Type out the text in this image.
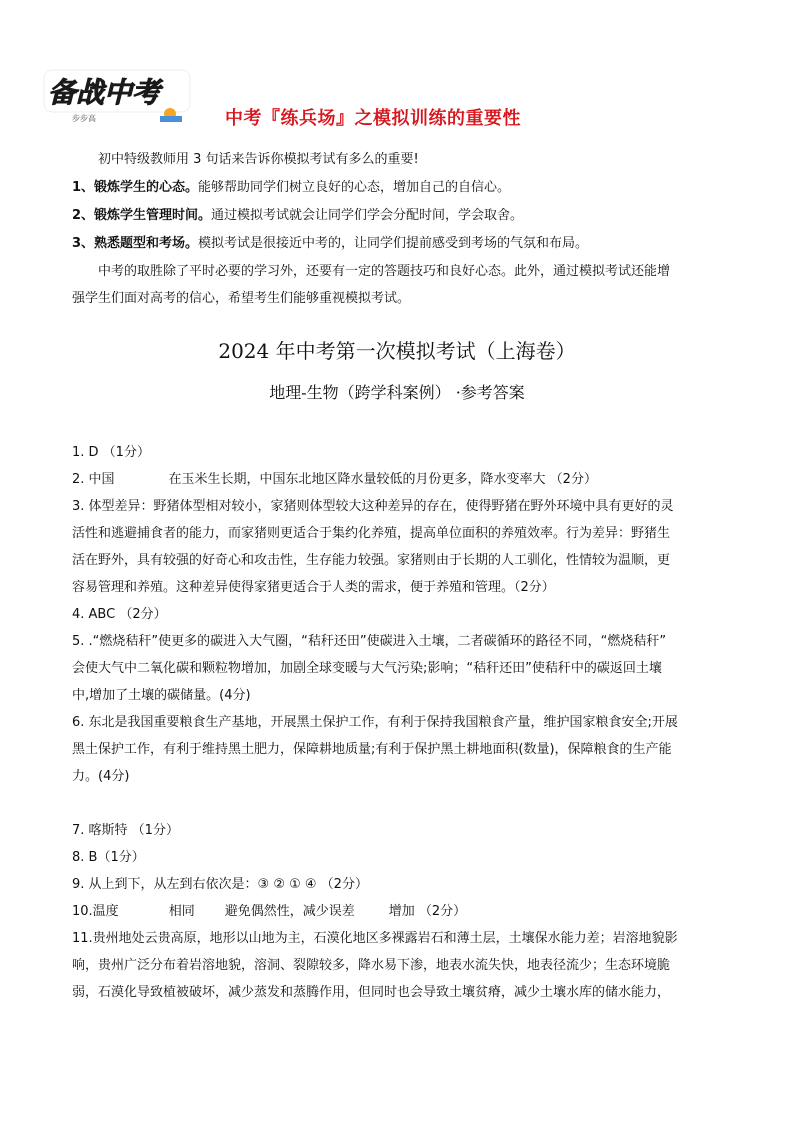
备战中考
步步高	中考『练兵场』之模拟训练的重要性
初中特级教师用 3 句话来告诉你模拟考试有多么的重要!
1、锻炼学生的心态。能够帮助同学们树立良好的心态，增加自己的自信心。
2、锻炼学生管理时间。通过模拟考试就会让同学们学会分配时间，学会取舍。
3、熟悉题型和考场。模拟考试是很接近中考的，让同学们提前感受到考场的气氛和布局。
中考的取胜除了平时必要的学习外，还要有一定的答题技巧和良好心态。此外，通过模拟考试还能增
强学生们面对高考的信心，希望考生们能够重视模拟考试。
2024 年中考第一次模拟考试（上海卷）
地理-生物（跨学科案例） ·参考答案
1. D （1分）
2. 中国	在玉米生长期，中国东北地区降水量较低的月份更多，降水变率大 （2分）
3. 体型差异：野猪体型相对较小，家猪则体型较大这种差异的存在，使得野猪在野外环境中具有更好的灵
活性和逃避捕食者的能力，而家猪则更适合于集约化养殖，提高单位面积的养殖效率。行为差异：野猪生
活在野外，具有较强的好奇心和攻击性，生存能力较强。家猪则由于长期的人工驯化，性情较为温顺，更
容易管理和养殖。这种差异使得家猪更适合于人类的需求，便于养殖和管理。（2分）
4. ABC （2分）
5. .“燃烧秸秆”使更多的碳进入大气圈，“秸秆还田”使碳进入土壤，二者碳循环的路径不同，“燃烧秸秆”
会使大气中二氧化碳和颗粒物增加，加剧全球变暖与大气污染;影响；“秸秆还田”使秸秆中的碳返回土壤
中,增加了土壤的碳储量。(4分)
6. 东北是我国重要粮食生产基地，开展黑土保护工作，有利于保持我国粮食产量，维护国家粮食安全;开展
黑土保护工作，有利于维持黑土肥力，保障耕地质量;有利于保护黑土耕地面积(数量)，保障粮食的生产能
力。(4分)
7. 喀斯特 （1分）
8. B（1分）
9. 从上到下，从左到右依次是：③ ② ① ④ （2分）
10.温度	相同 避免偶然性，减少误差	增加 （2分）
11.贵州地处云贵高原，地形以山地为主，石漠化地区多裸露岩石和薄土层，土壤保水能力差；岩溶地貌影
响，贵州广泛分布着岩溶地貌，溶洞、裂隙较多，降水易下渗，地表水流失快，地表径流少；生态环境脆
弱，石漠化导致植被破坏，减少蒸发和蒸腾作用，但同时也会导致土壤贫瘠，减少土壤水库的储水能力，
